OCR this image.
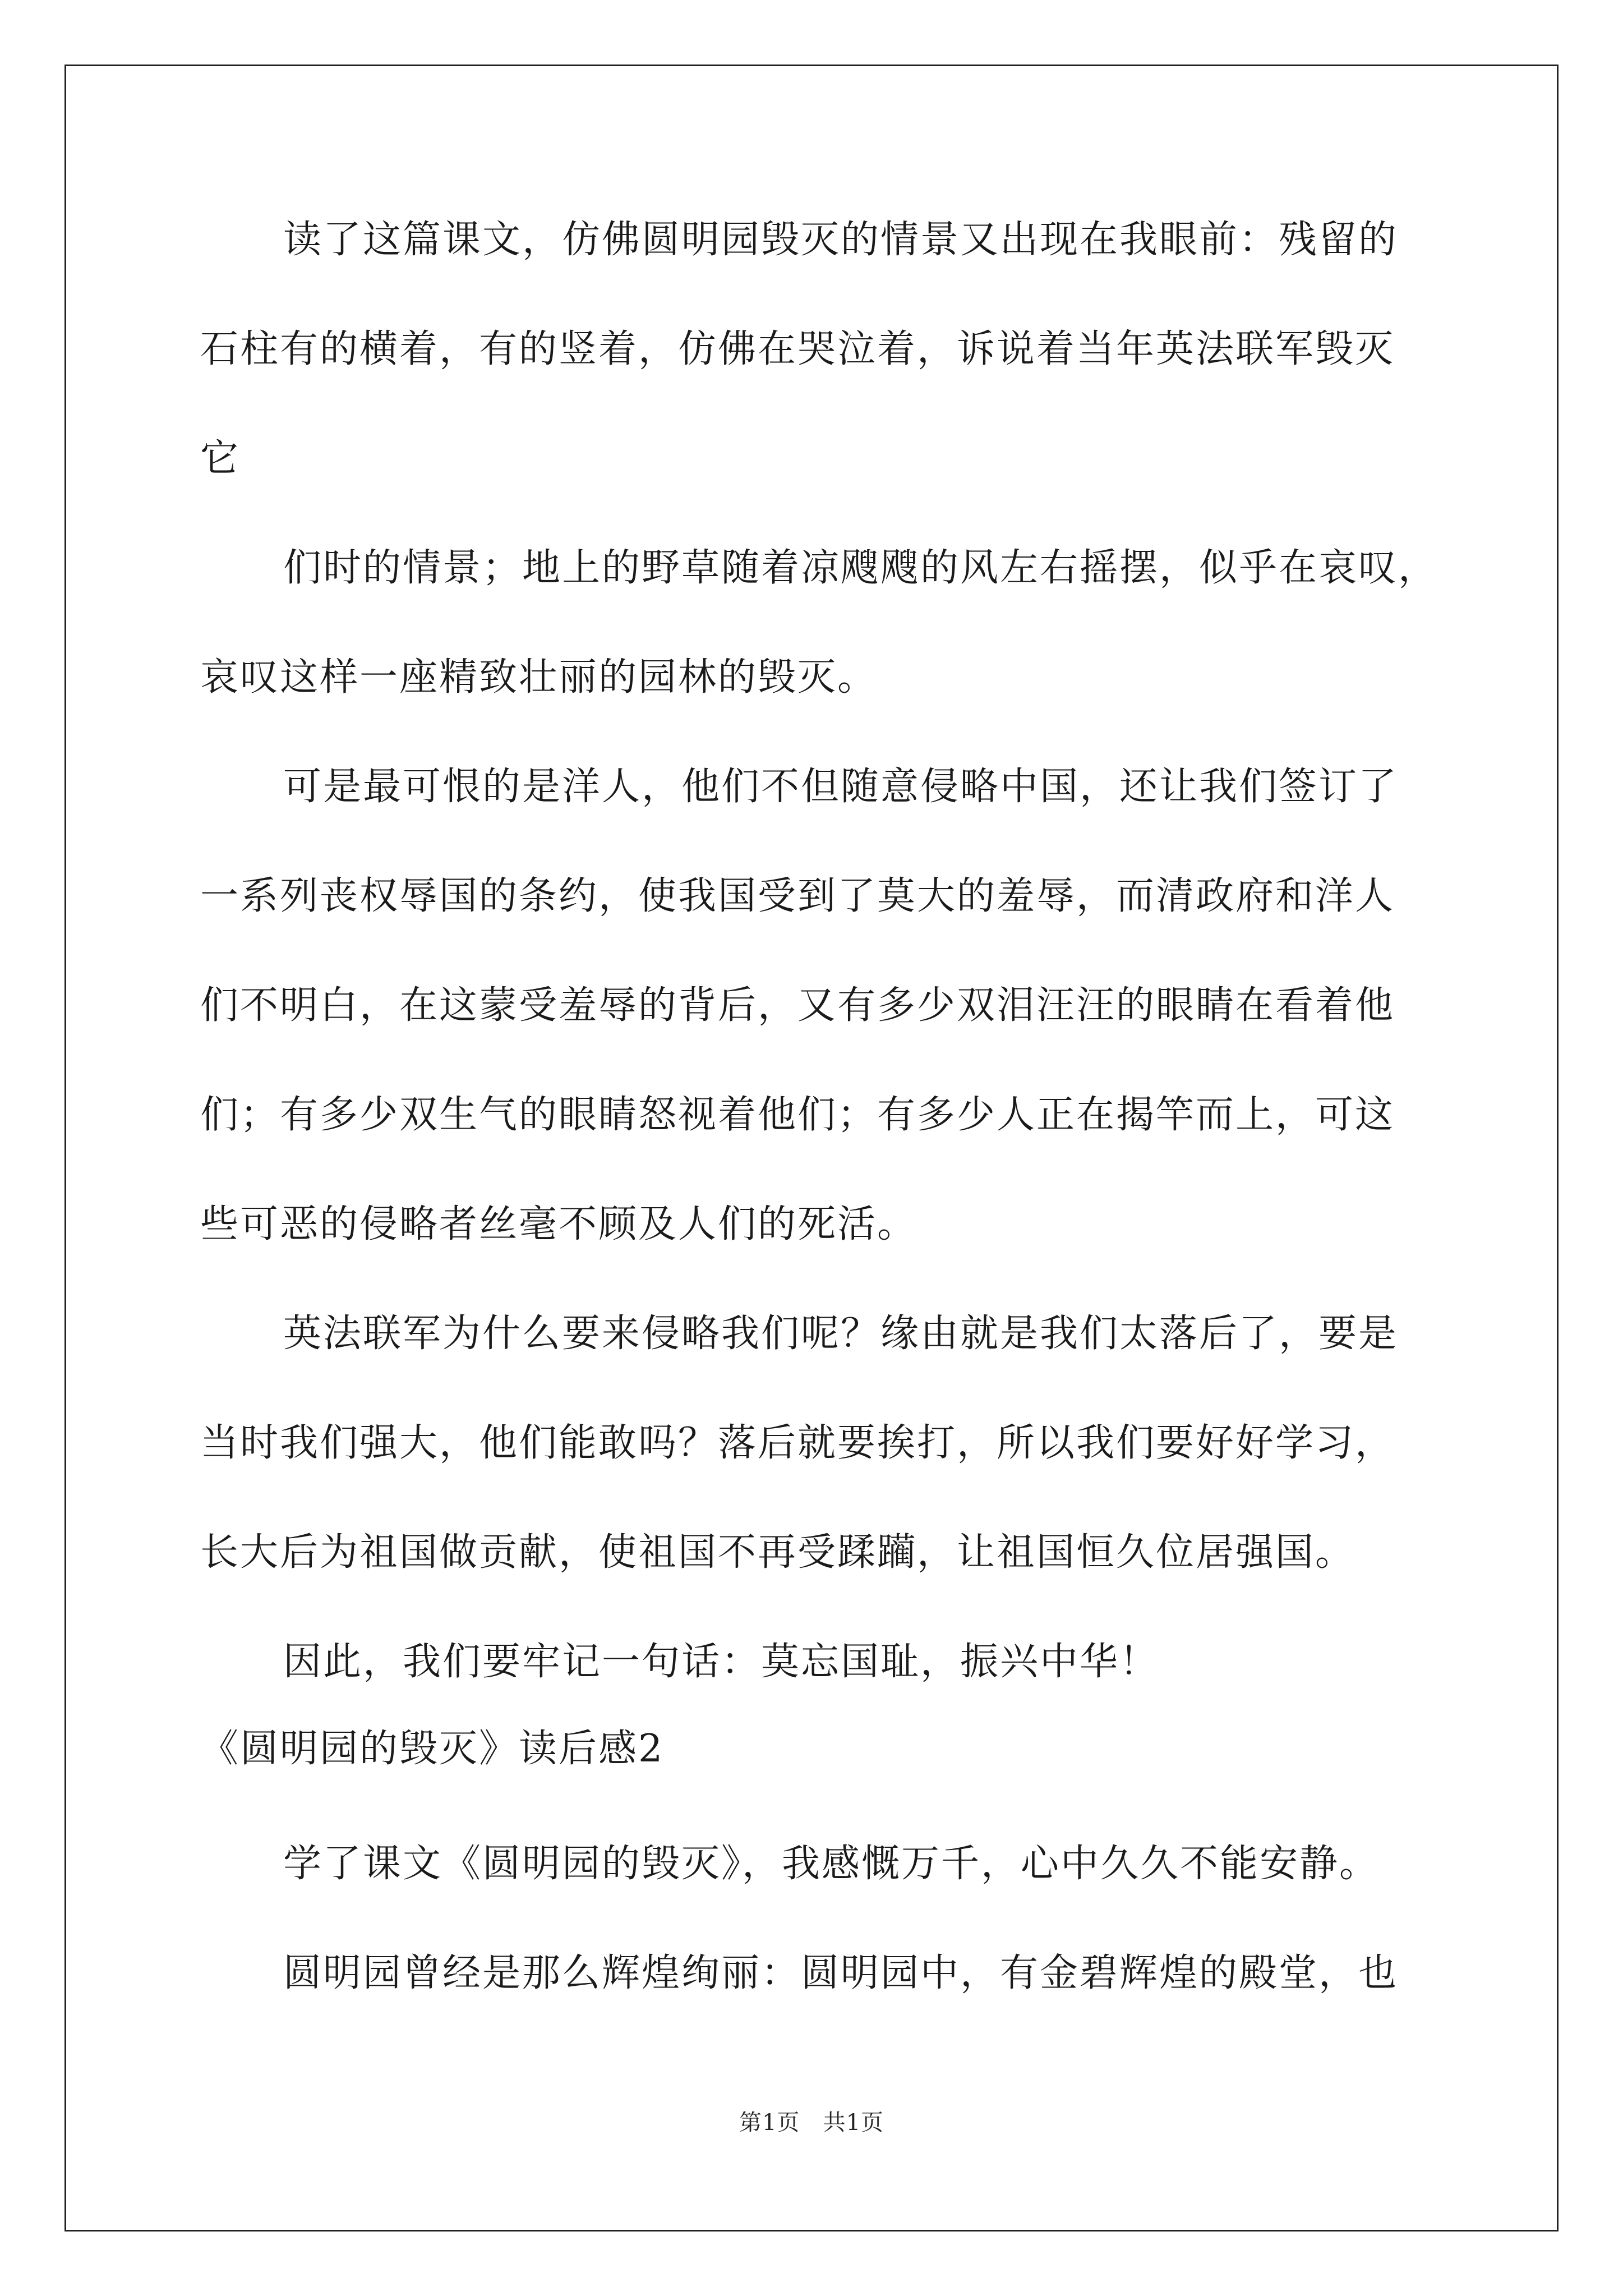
读了这篇课文，仿佛圆明园毁灭的情景又出现在我眼前：残留的
石柱有的横着，有的竖着，仿佛在哭泣着，诉说着当年英法联军毁灭
它
们时的情景；地上的野草随着凉飕飕的风左右摇摆，似乎在哀叹，
哀叹这样一座精致壮丽的园林的毁灭。
可是最可恨的是洋人，他们不但随意侵略中国，还让我们签订了
一系列丧权辱国的条约，使我国受到了莫大的羞辱，而清政府和洋人
们不明白，在这蒙受羞辱的背后，又有多少双泪汪汪的眼睛在看着他
们；有多少双生气的眼睛怒视着他们；有多少人正在揭竿而上，可这
些可恶的侵略者丝毫不顾及人们的死活。
英法联军为什么要来侵略我们呢？缘由就是我们太落后了，要是
当时我们强大，他们能敢吗？落后就要挨打，所以我们要好好学习，
长大后为祖国做贡献，使祖国不再受蹂躏，让祖国恒久位居强国。
因此，我们要牢记一句话：莫忘国耻，振兴中华！
《圆明园的毁灭》读后感2
学了课文《圆明园的毁灭》，我感慨万千，心中久久不能安静。
圆明园曾经是那么辉煌绚丽：圆明园中，有金碧辉煌的殿堂，也
第1页 共1页
